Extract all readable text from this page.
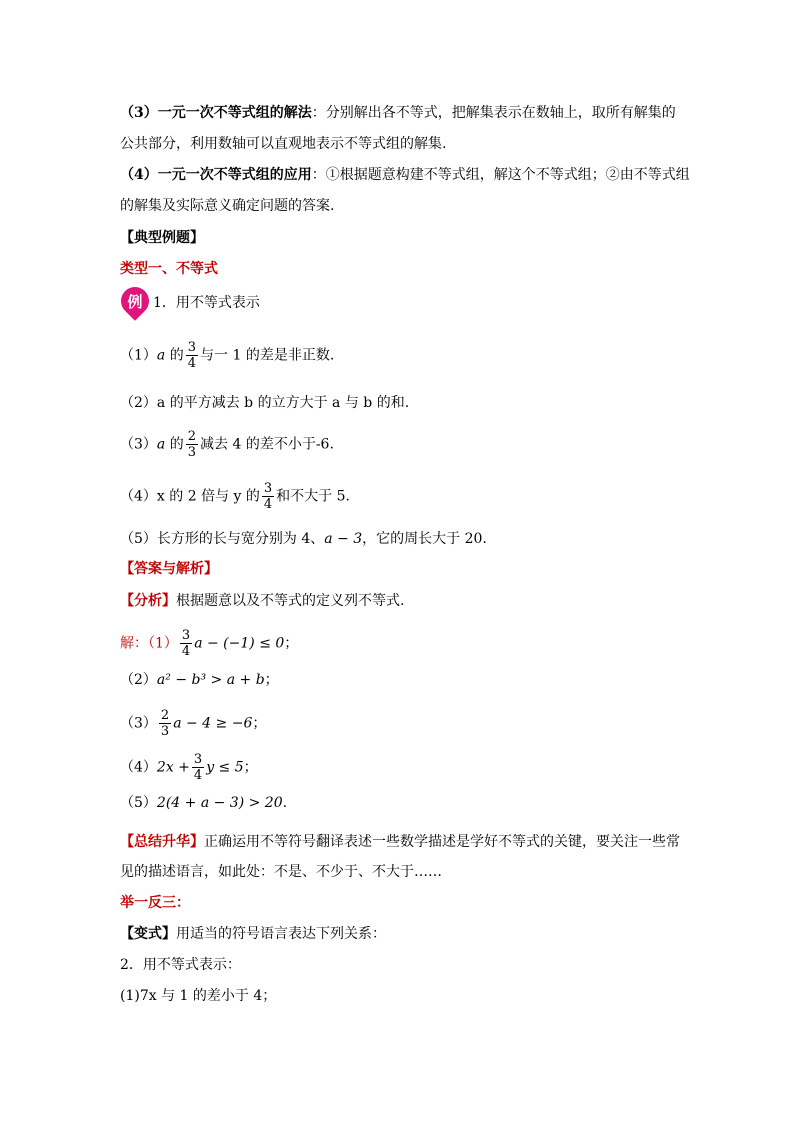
（3）一元一次不等式组的解法：分别解出各不等式，把解集表示在数轴上，取所有解集的
公共部分，利用数轴可以直观地表示不等式组的解集.
（4）一元一次不等式组的应用：①根据题意构建不等式组，解这个不等式组；②由不等式组
的解集及实际意义确定问题的答案.
【典型例题】
类型一、不等式
例 1．用不等式表示
（1）a 的 $\frac{3}{4}$ 与一 1 的差是非正数.
（2）a 的平方减去 b 的立方大于 a 与 b 的和.
（3）a 的 $\frac{2}{3}$ 减去 4 的差不小于-6.
（4）x 的 2 倍与 y 的 $\frac{3}{4}$ 和不大于 5.
（5）长方形的长与宽分别为 4、a − 3，它的周长大于 20.
【答案与解析】
【分析】根据题意以及不等式的定义列不等式.
解：$(1) \frac{3}{4}$ a − (−1) ≤ 0；
（2）a² − b³ > a + b；
$(3) \frac{2}{3}$ a − 4 ≥ −6；
$(4)2x + \frac{3}{4}$ y ≤ 5；
（5）2(4 + a − 3) > 20.
【总结升华】正确运用不等符号翻译表述一些数学描述是学好不等式的关键，要关注一些常
见的描述语言，如此处：不是、不少于、不大于……
举一反三：
【变式】用适当的符号语言表达下列关系：
2．用不等式表示：
(1)7x 与 1 的差小于 4；
